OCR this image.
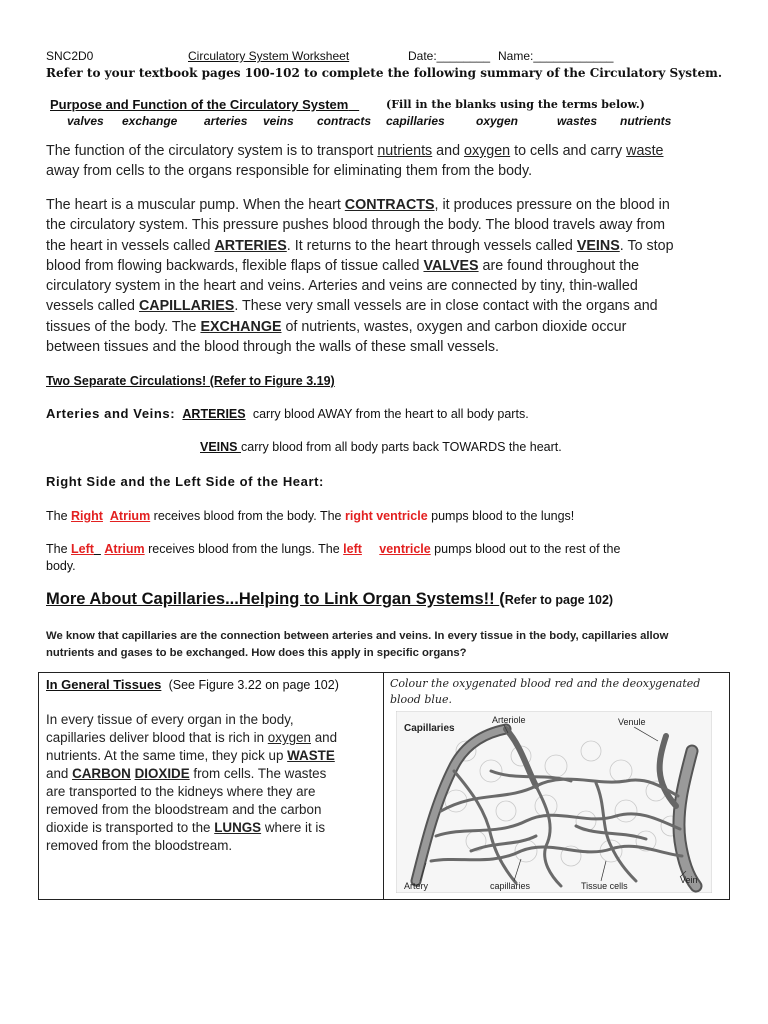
SNC2D0	Circulatory System Worksheet	Date:________ Name:____________
Refer to your textbook pages 100-102 to complete the following summary of the Circulatory System.
Purpose and Function of the Circulatory System	(Fill in the blanks using the terms below.)
valves exchange arteries veins contracts capillaries	oxygen	wastes nutrients
The function of the circulatory system is to transport nutrients and oxygen to cells and carry waste
away from cells to the organs responsible for eliminating them from the body.
The heart is a muscular pump. When the heart CONTRACTS, it produces pressure on the blood in
the circulatory system. This pressure pushes blood through the body. The blood travels away from
the heart in vessels called ARTERIES. It returns to the heart through vessels called VEINS. To stop
blood from flowing backwards, flexible flaps of tissue called VALVES are found throughout the
circulatory system in the heart and veins. Arteries and veins are connected by tiny, thin-walled
vessels called CAPILLARIES. These very small vessels are in close contact with the organs and
tissues of the body. The EXCHANGE of nutrients, wastes, oxygen and carbon dioxide occur
between tissues and the blood through the walls of these small vessels.
Two Separate Circulations! (Refer to Figure 3.19)
Arteries and Veins: ARTERIES carry blood AWAY from the heart to all body parts.
VEINS carry blood from all body parts back TOWARDS the heart.
Right Side and the Left Side of the Heart:
The Right Atrium receives blood from the body. The right ventricle pumps blood to the lungs!
The Left Atrium receives blood from the lungs. The left ventricle pumps blood out to the rest of the
body.
More About Capillaries...Helping to Link Organ Systems!! (Refer to page 102)
We know that capillaries are the connection between arteries and veins. In every tissue in the body, capillaries allow
nutrients and gases to be exchanged. How does this apply in specific organs?
In General Tissues (See Figure 3.22 on page 102)
In every tissue of every organ in the body,
capillaries deliver blood that is rich in oxygen and
nutrients. At the same time, they pick up WASTE
and CARBON DIOXIDE from cells. The wastes
are transported to the kidneys where they are
removed from the bloodstream and the carbon
dioxide is transported to the LUNGS where it is
removed from the bloodstream.

Colour the oxygenated blood red and the deoxygenated
blood blue.
Capillaries
Arteriole	Venule
Artery	capillaries	Tissue cells
Vein
